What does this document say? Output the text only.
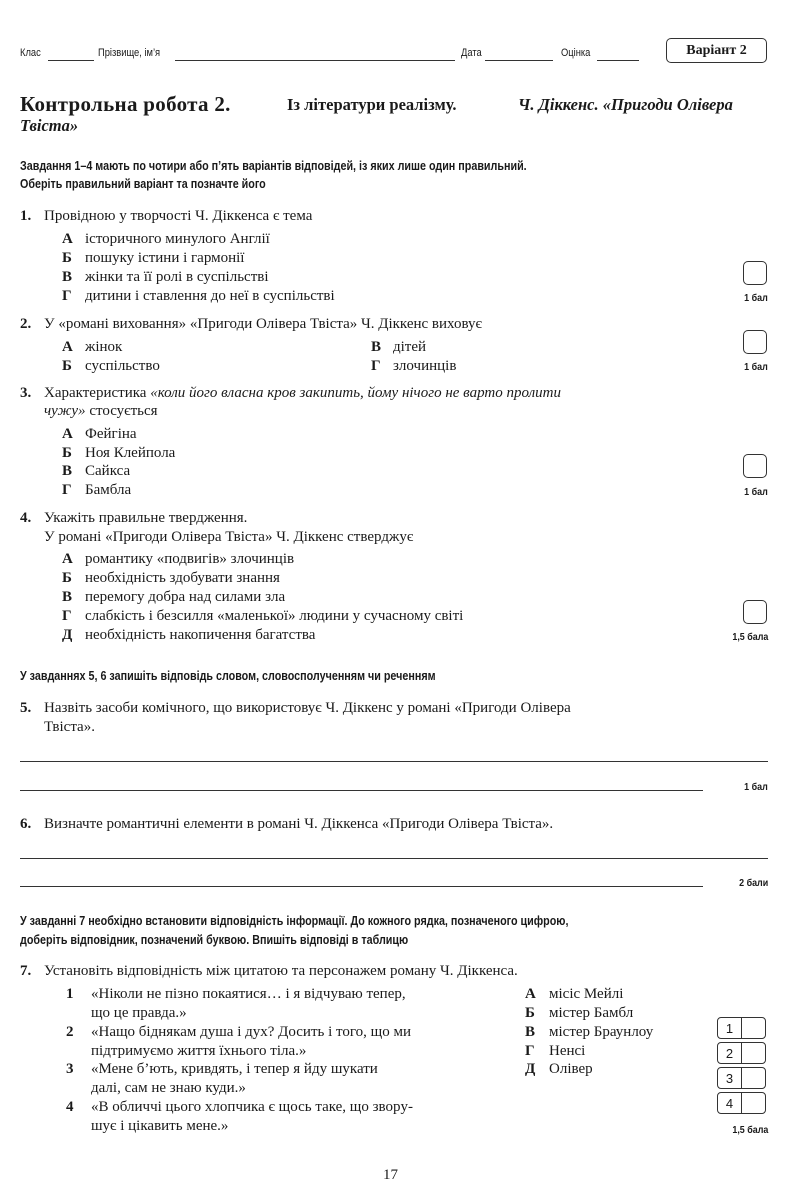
Клас	Прізвище, ім’я	Дата	Оцінка	Варіант 2
Контрольна робота 2.	Із літератури реалізму.	Ч. Діккенс. «Пригоди Олівера
Твіста»
Завдання 1–4 мають по чотири або п’ять варіантів відповідей, із яких лише один правильний.
Оберіть правильний варіант та позначте його
1. Провідною у творчості Ч. Діккенса є тема
А історичного минулого Англії
Б пошуку істини і гармонії
В жінки та її ролі в суспільстві
Г дитини і ставлення до неї в суспільстві	1 бал
2. У «романі виховання» «Пригоди Олівера Твіста» Ч. Діккенс виховує
А жінок
Б суспільство
В дітей
Г злочинців	1 бал
3. Характеристика «коли його власна кров закипить, йому нічого не варто пролити
чужу» стосується
А Фейгіна
Б Ноя Клейпола
В Сайкса
Г Бамбла	1 бал
4. Укажіть правильне твердження.
У романі «Пригоди Олівера Твіста» Ч. Діккенс стверджує
А романтику «подвигів» злочинців
Б необхідність здобувати знання
В перемогу добра над силами зла
Г слабкість і безсилля «маленької» людини у сучасному світі
Д необхідність накопичення багатства	1,5 бала
У завданнях 5, 6 запишіть відповідь словом, словосполученням чи реченням
5. Назвіть засоби комічного, що використовує Ч. Діккенс у романі «Пригоди Олівера
Твіста».
1 бал
6. Визначте романтичні елементи в романі Ч. Діккенса «Пригоди Олівера Твіста».
2 бали
У завданні 7 необхідно встановити відповідність інформації. До кожного рядка, позначеного цифрою,
доберіть відповідник, позначений буквою. Впишіть відповіді в таблицю
7. Установіть відповідність між цитатою та персонажем роману Ч. Діккенса.
1 «Ніколи не пізно покаятися… і я відчуваю тепер,
що це правда.»
2 «Нащо біднякам душа і дух? Досить і того, що ми
підтримуємо життя їхнього тіла.»
3 «Мене б’ють, кривдять, і тепер я йду шукати
далі, сам не знаю куди.»
4 «В обличчі цього хлопчика є щось таке, що зворy-
шує і цікавить мене.»
А місіс Мейлі
Б містер Бамбл
В містер Браунлоу
Г Ненсі
Д Олівер
1
2
3
4
1,5 бала
17
